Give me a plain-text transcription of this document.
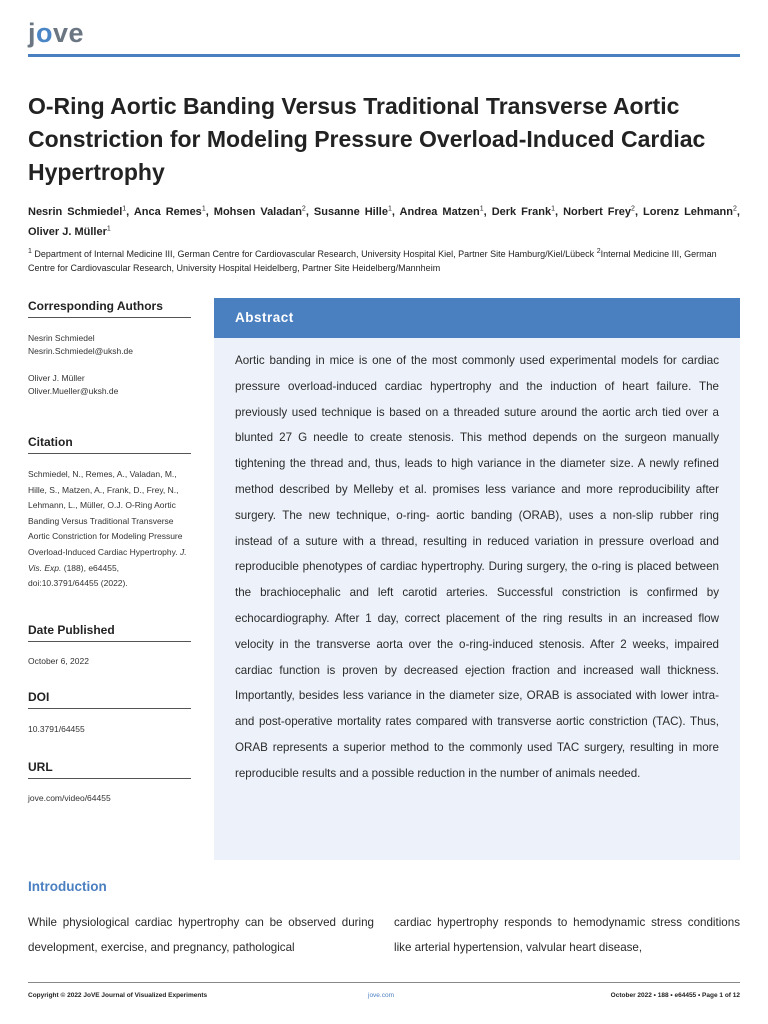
jove
O-Ring Aortic Banding Versus Traditional Transverse Aortic Constriction for Modeling Pressure Overload-Induced Cardiac Hypertrophy
Nesrin Schmiedel$^1$, Anca Remes$^1$, Mohsen Valadan$^2$, Susanne Hille$^1$, Andrea Matzen$^1$, Derk Frank$^1$, Norbert Frey$^2$, Lorenz Lehmann$^2$, Oliver J. Müller$^1$
$^1$ Department of Internal Medicine III, German Centre for Cardiovascular Research, University Hospital Kiel, Partner Site Hamburg/Kiel/Lübeck $^2$Internal Medicine III, German Centre for Cardiovascular Research, University Hospital Heidelberg, Partner Site Heidelberg/Mannheim
Corresponding Authors
Nesrin Schmiedel
Nesrin.Schmiedel@uksh.de
Oliver J. Müller
Oliver.Mueller@uksh.de
Citation
Schmiedel, N., Remes, A., Valadan, M., Hille, S., Matzen, A., Frank, D., Frey, N., Lehmann, L., Müller, O.J. O-Ring Aortic Banding Versus Traditional Transverse Aortic Constriction for Modeling Pressure Overload-Induced Cardiac Hypertrophy. J. Vis. Exp. (188), e64455, doi:10.3791/64455 (2022).
Date Published
October 6, 2022
DOI
10.3791/64455
URL
jove.com/video/64455
Abstract
Aortic banding in mice is one of the most commonly used experimental models for cardiac pressure overload-induced cardiac hypertrophy and the induction of heart failure. The previously used technique is based on a threaded suture around the aortic arch tied over a blunted 27 G needle to create stenosis. This method depends on the surgeon manually tightening the thread and, thus, leads to high variance in the diameter size. A newly refined method described by Melleby et al. promises less variance and more reproducibility after surgery. The new technique, o-ring- aortic banding (ORAB), uses a non-slip rubber ring instead of a suture with a thread, resulting in reduced variation in pressure overload and reproducible phenotypes of cardiac hypertrophy. During surgery, the o-ring is placed between the brachiocephalic and left carotid arteries. Successful constriction is confirmed by echocardiography. After 1 day, correct placement of the ring results in an increased flow velocity in the transverse aorta over the o-ring-induced stenosis. After 2 weeks, impaired cardiac function is proven by decreased ejection fraction and increased wall thickness. Importantly, besides less variance in the diameter size, ORAB is associated with lower intra- and post-operative mortality rates compared with transverse aortic constriction (TAC). Thus, ORAB represents a superior method to the commonly used TAC surgery, resulting in more reproducible results and a possible reduction in the number of animals needed.
Introduction
While physiological cardiac hypertrophy can be observed during development, exercise, and pregnancy, pathological
cardiac hypertrophy responds to hemodynamic stress conditions like arterial hypertension, valvular heart disease,
Copyright © 2022 JoVE Journal of Visualized Experiments	jove.com	October 2022 • 188 • e64455 • Page 1 of 12
